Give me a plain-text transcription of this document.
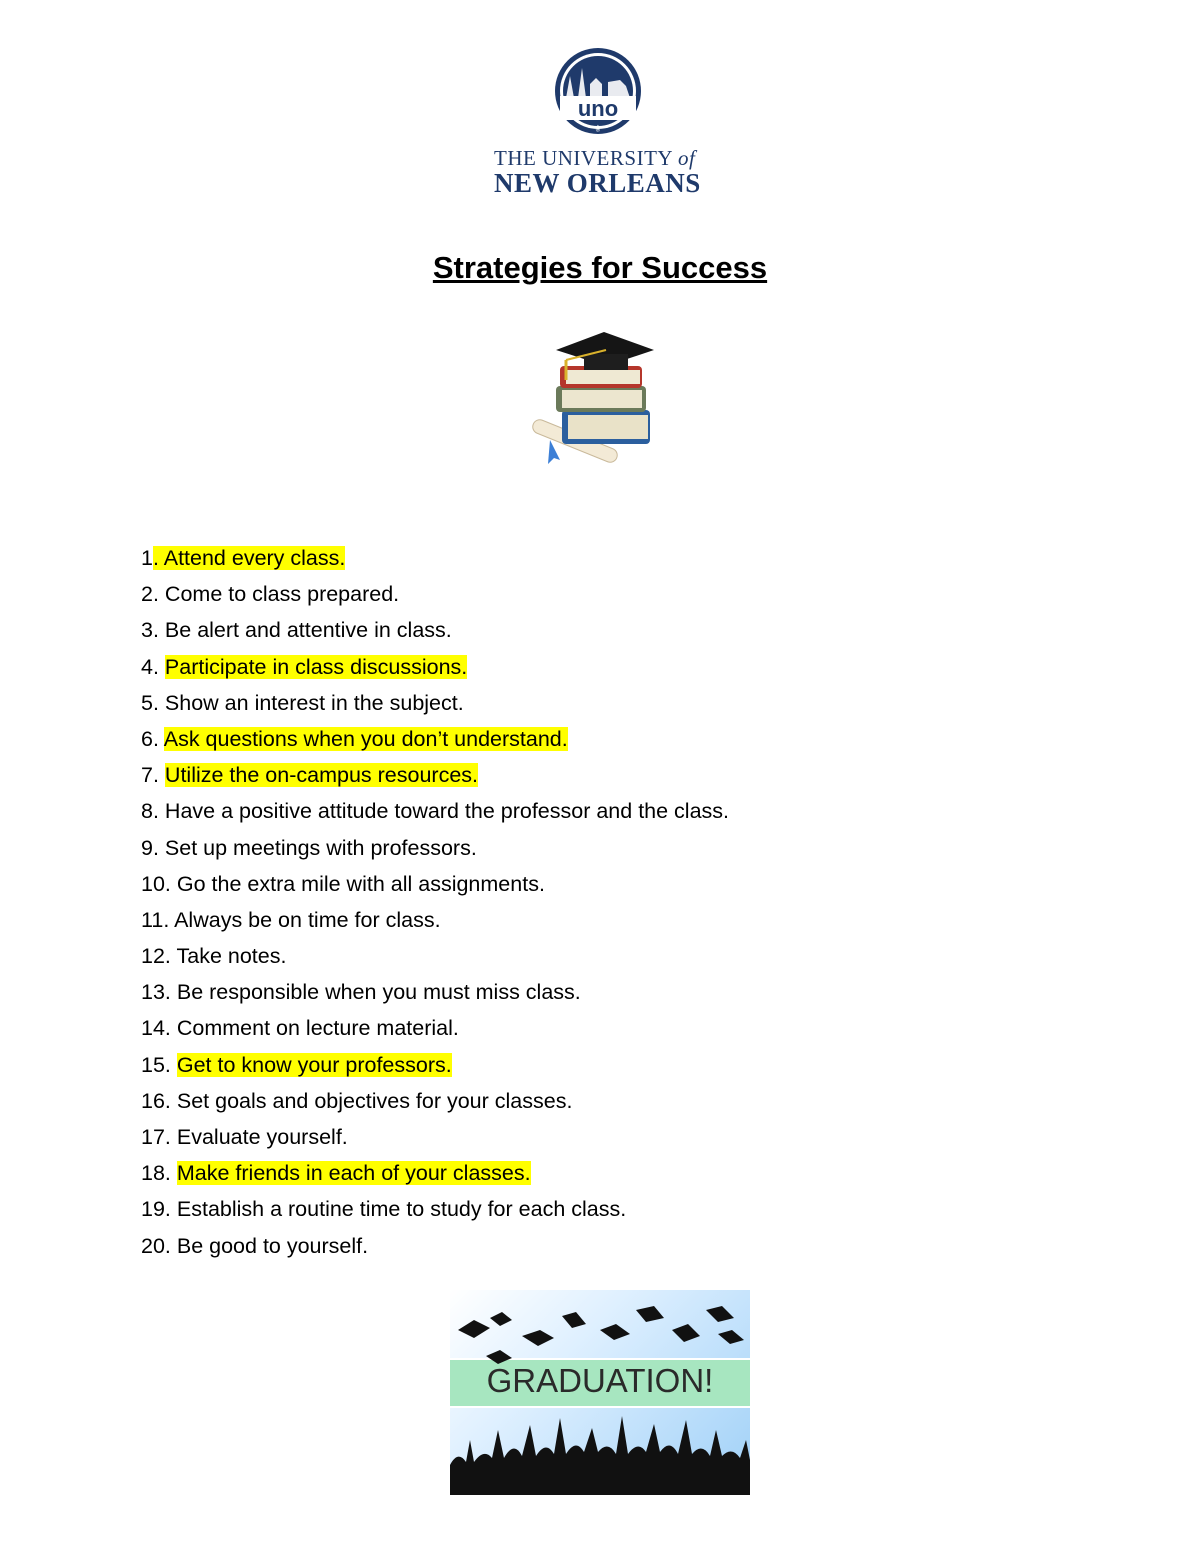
uno
⚜
THE UNIVERSITY of
NEW ORLEANS
Strategies for Success
1. Attend every class.
2. Come to class prepared.
3. Be alert and attentive in class.
4. Participate in class discussions.
5. Show an interest in the subject.
6. Ask questions when you don’t understand.
7. Utilize the on-campus resources.
8. Have a positive attitude toward the professor and the class.
9. Set up meetings with professors.
10. Go the extra mile with all assignments.
11. Always be on time for class.
12. Take notes.
13. Be responsible when you must miss class.
14. Comment on lecture material.
15. Get to know your professors.
16. Set goals and objectives for your classes.
17. Evaluate yourself.
18. Make friends in each of your classes.
19. Establish a routine time to study for each class.
20. Be good to yourself.
GRADUATION!
